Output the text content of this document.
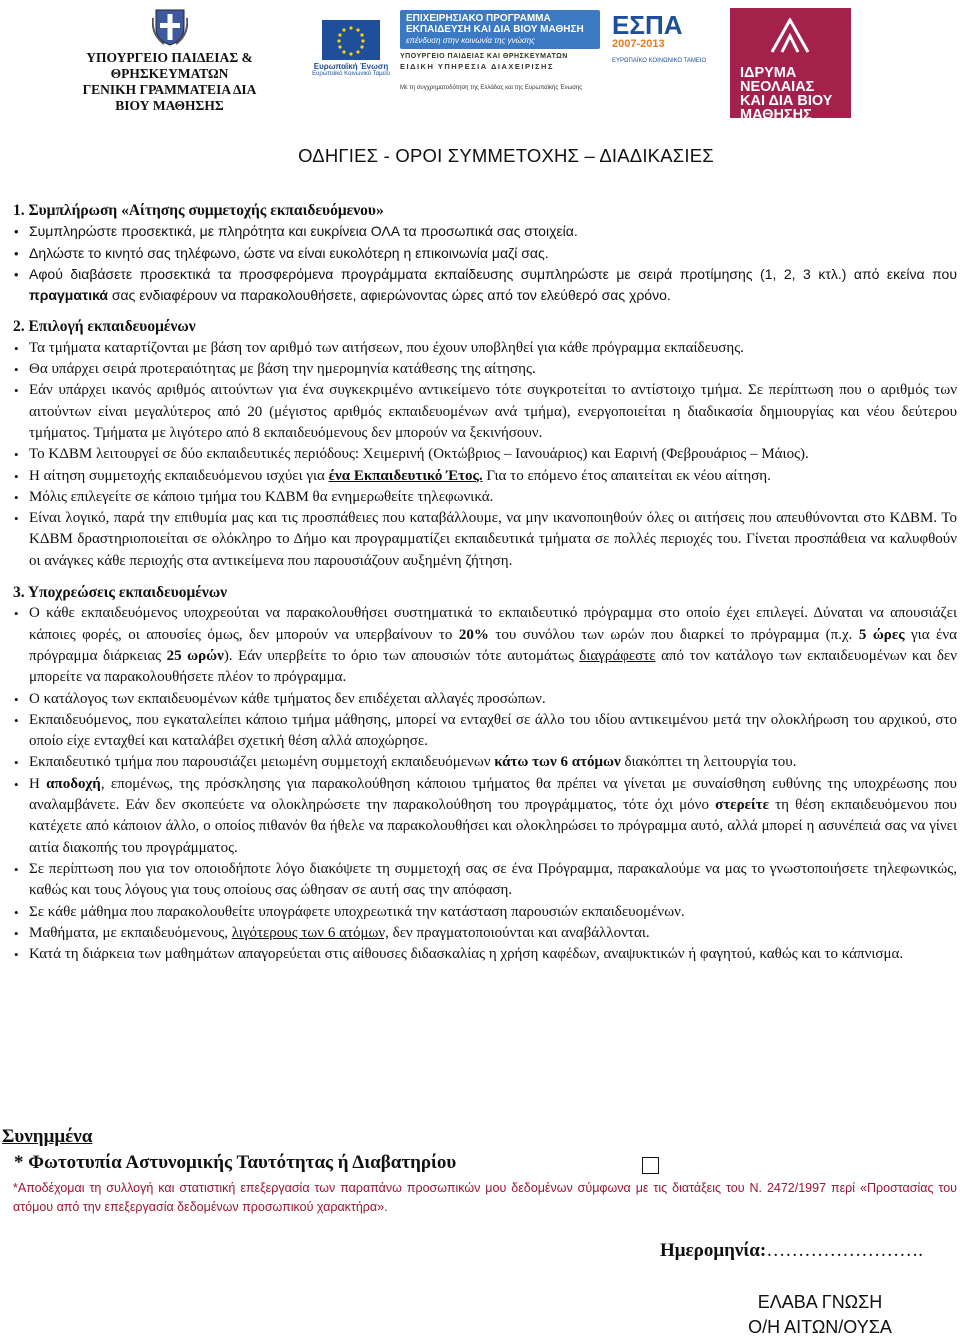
ΥΠΟΥΡΓΕΙΟ ΠΑΙΔΕΙΑΣ &
ΘΡΗΣΚΕΥΜΑΤΩΝ
ΓΕΝΙΚΗ ΓΡΑΜΜΑΤΕΙΑ ΔΙΑ
ΒΙΟΥ ΜΑΘΗΣΗΣ
Ευρωπαϊκή Ένωση
Ευρωπαϊκό Κοινωνικό Ταμείο
ΕΠΙΧΕΙΡΗΣΙΑΚΟ ΠΡΟΓΡΑΜΜΑ ΕΚΠΑΙΔΕΥΣΗ ΚΑΙ ΔΙΑ ΒΙΟΥ ΜΑΘΗΣΗ
επένδυση στην κοινωνία της γνώσης
ΥΠΟΥΡΓΕΙΟ ΠΑΙΔΕΙΑΣ ΚΑΙ ΘΡΗΣΚΕΥΜΑΤΩΝ
ΕΙΔΙΚΗ ΥΠΗΡΕΣΙΑ ΔΙΑΧΕΙΡΙΣΗΣ
Με τη συγχρηματοδότηση της Ελλάδας και της Ευρωπαϊκής Ένωσης
ΕΣΠΑ
2007-2013
ΕΥΡΩΠΑΪΚΟ ΚΟΙΝΩΝΙΚΟ ΤΑΜΕΙΟ
ΙΔΡΥΜΑ
ΝΕΟΛΑΙΑΣ
ΚΑΙ ΔΙΑ ΒΙΟΥ
ΜΑΘΗΣΗΣ
ΟΔΗΓΙΕΣ - ΟΡΟΙ ΣΥΜΜΕΤΟΧΗΣ – ΔΙΑΔΙΚΑΣΙΕΣ

1. Συμπλήρωση «Αίτησης συμμετοχής εκπαιδευόμενου»

• Συμπληρώστε προσεκτικά, με πληρότητα και ευκρίνεια ΟΛΑ τα προσωπικά σας στοιχεία.
• Δηλώστε το κινητό σας τηλέφωνο, ώστε να είναι ευκολότερη η επικοινωνία μαζί σας.
• Αφού διαβάσετε προσεκτικά τα προσφερόμενα προγράμματα εκπαίδευσης συμπληρώστε με σειρά προτίμησης (1, 2, 3 κτλ.) από εκείνα που πραγματικά σας ενδιαφέρουν να παρακολουθήσετε, αφιερώνοντας ώρες από τον ελεύθερό σας χρόνο.

2. Επιλογή εκπαιδευομένων

• Τα τμήματα καταρτίζονται με βάση τον αριθμό των αιτήσεων, που έχουν υποβληθεί για κάθε πρόγραμμα εκπαίδευσης.
• Θα υπάρχει σειρά προτεραιότητας με βάση την ημερομηνία κατάθεσης της αίτησης.
• Εάν υπάρχει ικανός αριθμός αιτούντων για ένα συγκεκριμένο αντικείμενο τότε συγκροτείται το αντίστοιχο τμήμα. Σε περίπτωση που ο αριθμός των αιτούντων είναι μεγαλύτερος από 20 (μέγιστος αριθμός εκπαιδευομένων ανά τμήμα), ενεργοποιείται η διαδικασία δημιουργίας και νέου δεύτερου τμήματος. Τμήματα με λιγότερο από 8 εκπαιδευόμενους δεν μπορούν να ξεκινήσουν.
• Το ΚΔΒΜ λειτουργεί σε δύο εκπαιδευτικές περιόδους: Χειμερινή (Οκτώβριος – Ιανουάριος) και Εαρινή (Φεβρουάριος – Μάιος).
• Η αίτηση συμμετοχής εκπαιδευόμενου ισχύει για ένα Εκπαιδευτικό Έτος. Για το επόμενο έτος απαιτείται εκ νέου αίτηση.
• Μόλις επιλεγείτε σε κάποιο τμήμα του ΚΔΒΜ θα ενημερωθείτε τηλεφωνικά.
• Είναι λογικό, παρά την επιθυμία μας και τις προσπάθειες που καταβάλλουμε, να μην ικανοποιηθούν όλες οι αιτήσεις που απευθύνονται στο ΚΔΒΜ. Το ΚΔΒΜ δραστηριοποιείται σε ολόκληρο το Δήμο και προγραμματίζει εκπαιδευτικά τμήματα σε πολλές περιοχές του. Γίνεται προσπάθεια να καλυφθούν οι ανάγκες κάθε περιοχής στα αντικείμενα που παρουσιάζουν αυξημένη ζήτηση.

3. Υποχρεώσεις εκπαιδευομένων

• Ο κάθε εκπαιδευόμενος υποχρεούται να παρακολουθήσει συστηματικά το εκπαιδευτικό πρόγραμμα στο οποίο έχει επιλεγεί. Δύναται να απουσιάζει κάποιες φορές, οι απουσίες όμως, δεν μπορούν να υπερβαίνουν το 20% του συνόλου των ωρών που διαρκεί το πρόγραμμα (π.χ. 5 ώρες για ένα πρόγραμμα διάρκειας 25 ωρών). Εάν υπερβείτε το όριο των απουσιών τότε αυτομάτως διαγράφεστε από τον κατάλογο των εκπαιδευομένων και δεν μπορείτε να παρακολουθήσετε πλέον το πρόγραμμα.
• Ο κατάλογος των εκπαιδευομένων κάθε τμήματος δεν επιδέχεται αλλαγές προσώπων.
• Εκπαιδευόμενος, που εγκαταλείπει κάποιο τμήμα μάθησης, μπορεί να ενταχθεί σε άλλο του ιδίου αντικειμένου μετά την ολοκλήρωση του αρχικού, στο οποίο είχε ενταχθεί και καταλάβει σχετική θέση αλλά αποχώρησε.
• Εκπαιδευτικό τμήμα που παρουσιάζει μειωμένη συμμετοχή εκπαιδευόμενων κάτω των 6 ατόμων διακόπτει τη λειτουργία του.
• Η αποδοχή, επομένως, της πρόσκλησης για παρακολούθηση κάποιου τμήματος θα πρέπει να γίνεται με συναίσθηση ευθύνης της υποχρέωσης που αναλαμβάνετε. Εάν δεν σκοπεύετε να ολοκληρώσετε την παρακολούθηση του προγράμματος, τότε όχι μόνο στερείτε τη θέση εκπαιδευόμενου που κατέχετε από κάποιον άλλο, ο οποίος πιθανόν θα ήθελε να παρακολουθήσει και ολοκληρώσει το πρόγραμμα αυτό, αλλά μπορεί η ασυνέπειά σας να γίνει αιτία διακοπής του προγράμματος.
• Σε περίπτωση που για τον οποιοδήποτε λόγο διακόψετε τη συμμετοχή σας σε ένα Πρόγραμμα, παρακαλούμε να μας το γνωστοποιήσετε τηλεφωνικώς, καθώς και τους λόγους για τους οποίους σας ώθησαν σε αυτή σας την απόφαση.
• Σε κάθε μάθημα που παρακολουθείτε υπογράφετε υποχρεωτικά την κατάσταση παρουσιών εκπαιδευομένων.
• Μαθήματα, με εκπαιδευόμενους, λιγότερους των 6 ατόμων, δεν πραγματοποιούνται και αναβάλλονται.
• Κατά τη διάρκεια των μαθημάτων απαγορεύεται στις αίθουσες διδασκαλίας η χρήση καφέδων, αναψυκτικών ή φαγητού, καθώς και το κάπνισμα.
Συνημμένα
* Φωτοτυπία Αστυνομικής Ταυτότητας ή Διαβατηρίου
*Αποδέχομαι τη συλλογή και στατιστική επεξεργασία των παραπάνω προσωπικών μου δεδομένων σύμφωνα με τις διατάξεις του Ν. 2472/1997 περί «Προστασίας του ατόμου από την επεξεργασία δεδομένων προσωπικού χαρακτήρα».
Ημερομηνία:…………………….
ΕΛΑΒΑ ΓΝΩΣΗ
Ο/Η ΑΙΤΩΝ/ΟΥΣΑ
